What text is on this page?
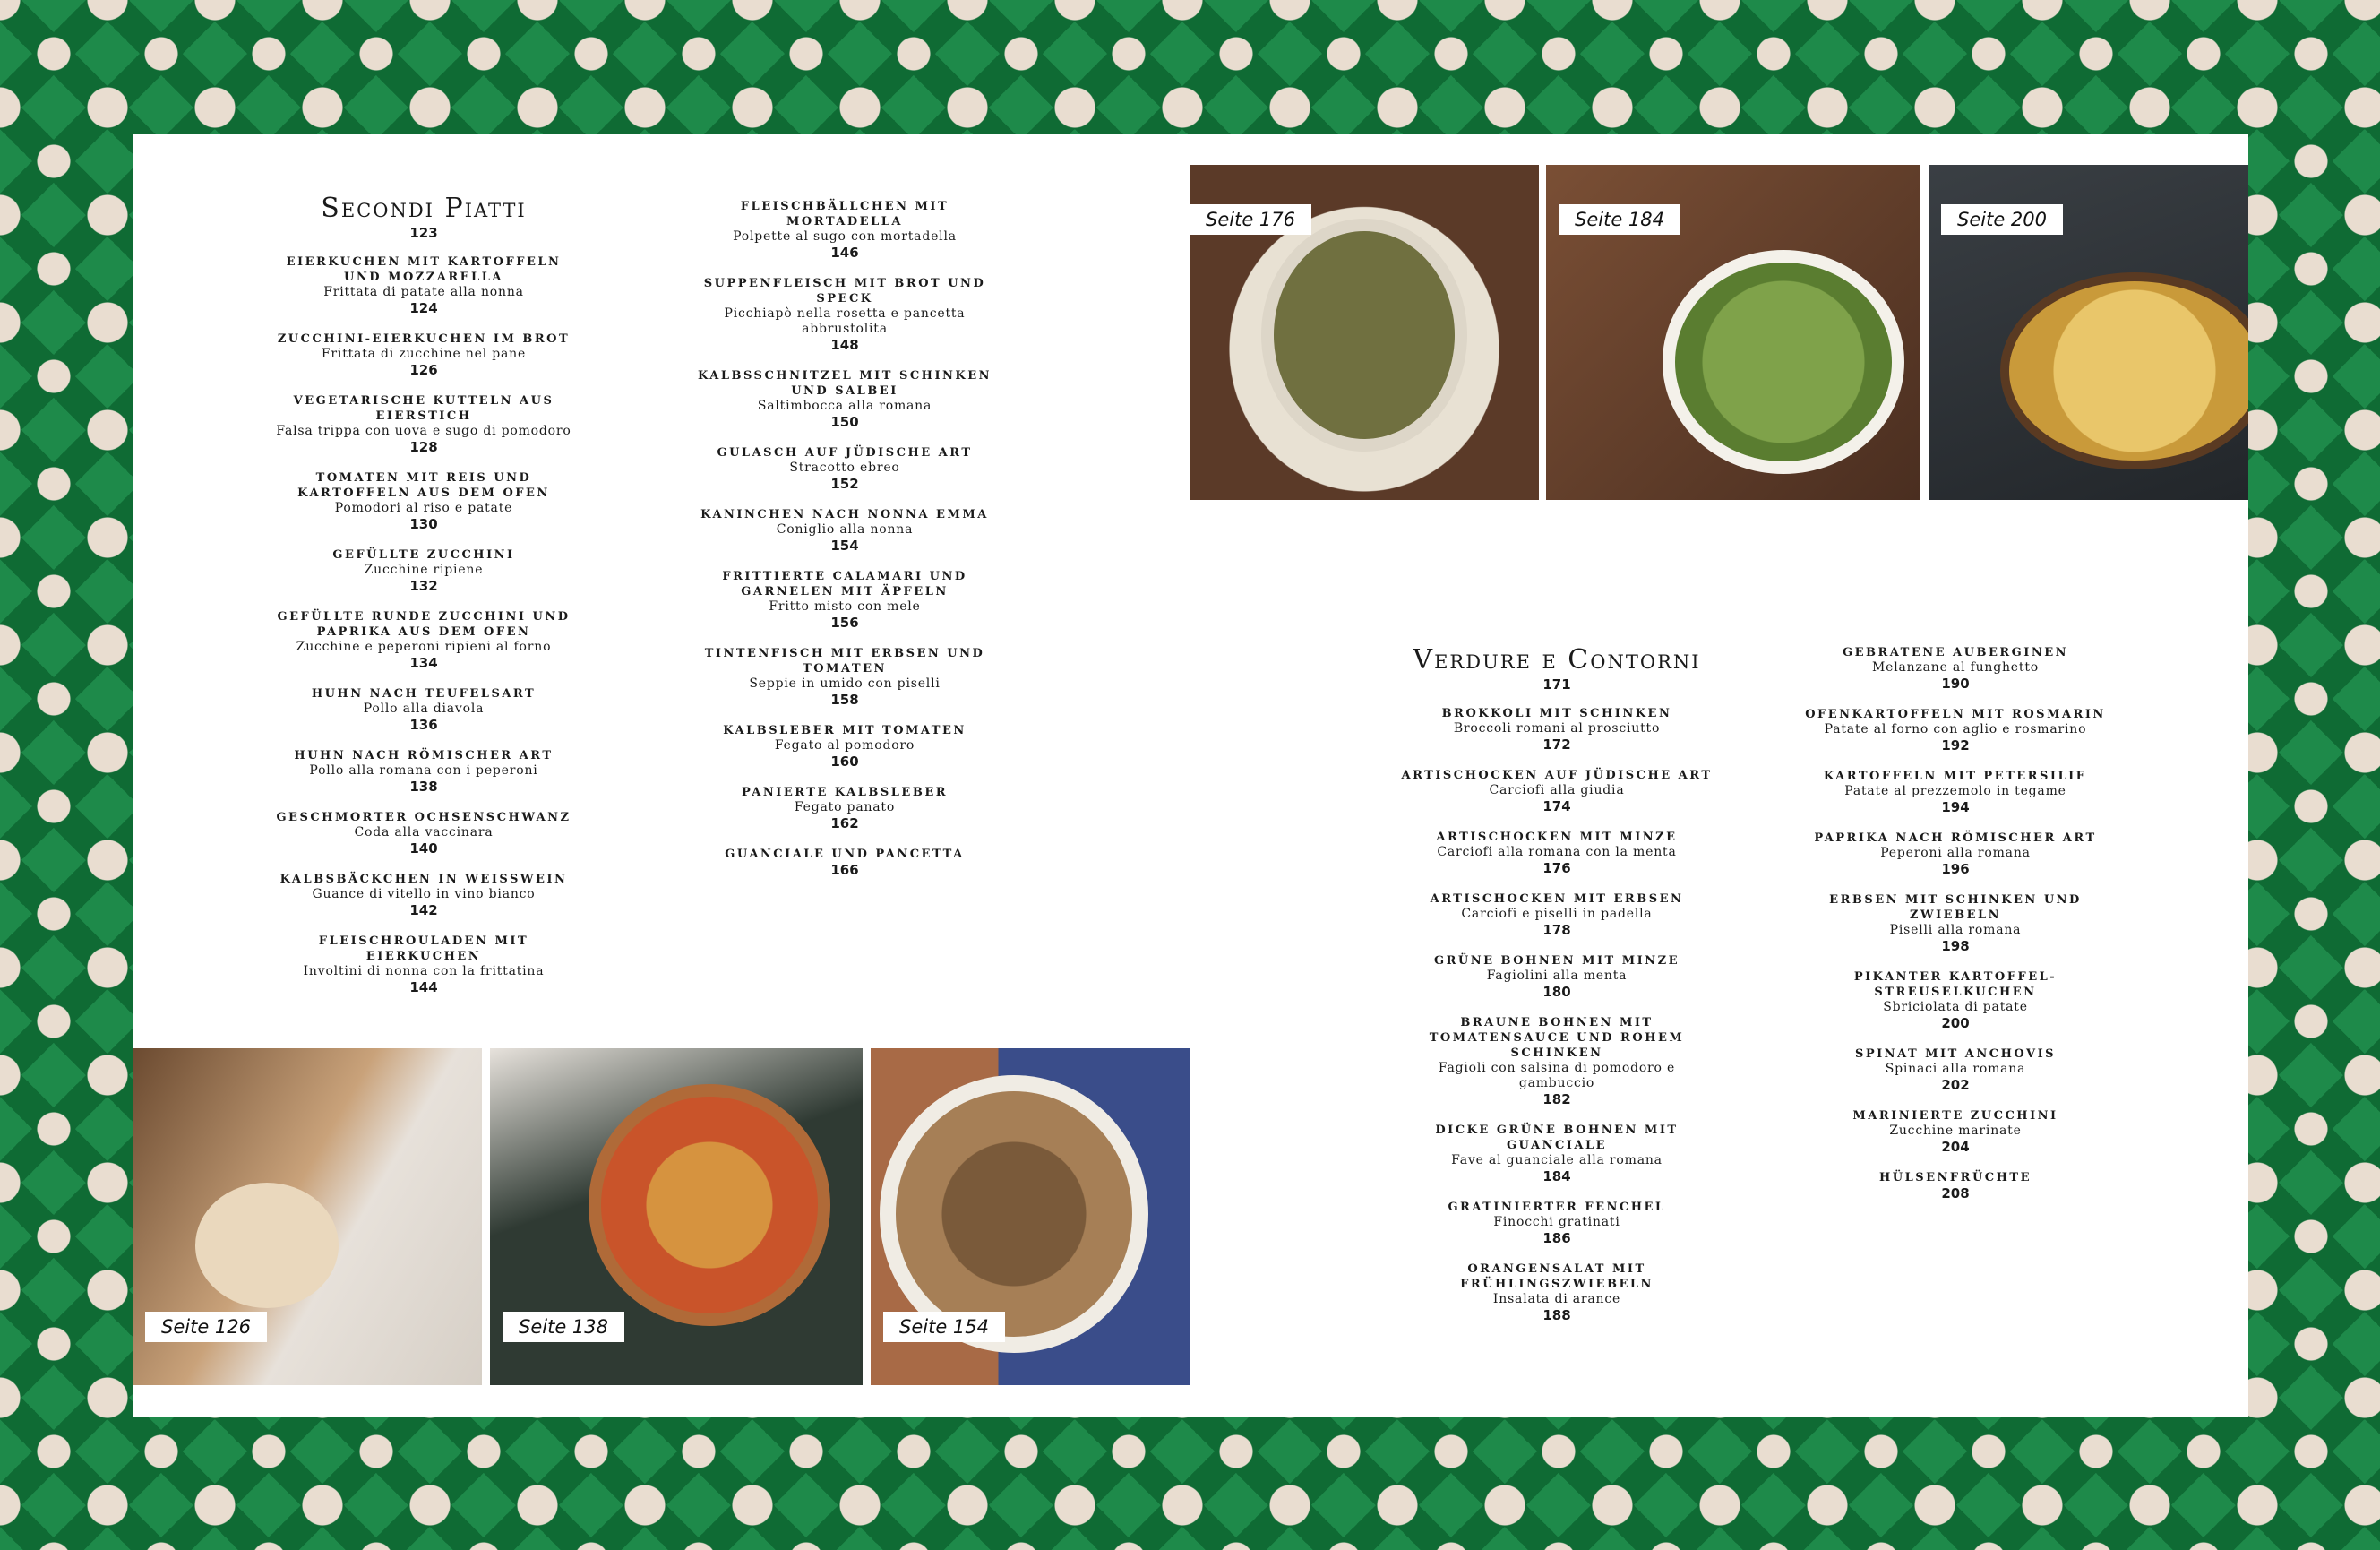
Secondi Piatti
123
EIERKUCHEN MIT KARTOFFELN UND MOZZARELLA
Frittata di patate alla nonna
124
ZUCCHINI-EIERKUCHEN IM BROT
Frittata di zucchine nel pane
126
VEGETARISCHE KUTTELN AUS EIERSTICH
Falsa trippa con uova e sugo di pomodoro
128
TOMATEN MIT REIS UND KARTOFFELN AUS DEM OFEN
Pomodori al riso e patate
130
GEFÜLLTE ZUCCHINI
Zucchine ripiene
132
GEFÜLLTE RUNDE ZUCCHINI UND PAPRIKA AUS DEM OFEN
Zucchine e peperoni ripieni al forno
134
HUHN NACH TEUFELSART
Pollo alla diavola
136
HUHN NACH RÖMISCHER ART
Pollo alla romana con i peperoni
138
GESCHMORTER OCHSENSCHWANZ
Coda alla vaccinara
140
KALBSBÄCKCHEN IN WEISSWEIN
Guance di vitello in vino bianco
142
FLEISCHROULADEN MIT EIERKUCHEN
Involtini di nonna con la frittatina
144
FLEISCHBÄLLCHEN MIT MORTADELLA
Polpette al sugo con mortadella
146
SUPPENFLEISCH MIT BROT UND SPECK
Picchiapò nella rosetta e pancetta abbrustolita
148
KALBSSCHNITZEL MIT SCHINKEN UND SALBEI
Saltimbocca alla romana
150
GULASCH AUF JÜDISCHE ART
Stracotto ebreo
152
KANINCHEN NACH NONNA EMMA
Coniglio alla nonna
154
FRITTIERTE CALAMARI UND GARNELEN MIT ÄPFELN
Fritto misto con mele
156
TINTENFISCH MIT ERBSEN UND TOMATEN
Seppie in umido con piselli
158
KALBSLEBER MIT TOMATEN
Fegato al pomodoro
160
PANIERTE KALBSLEBER
Fegato panato
162
GUANCIALE UND PANCETTA
166
Verdure e Contorni
171
BROKKOLI MIT SCHINKEN
Broccoli romani al prosciutto
172
ARTISCHOCKEN AUF JÜDISCHE ART
Carciofi alla giudia
174
ARTISCHOCKEN MIT MINZE
Carciofi alla romana con la menta
176
ARTISCHOCKEN MIT ERBSEN
Carciofi e piselli in padella
178
GRÜNE BOHNEN MIT MINZE
Fagiolini alla menta
180
BRAUNE BOHNEN MIT TOMATENSAUCE UND ROHEM SCHINKEN
Fagioli con salsina di pomodoro e gambuccio
182
DICKE GRÜNE BOHNEN MIT GUANCIALE
Fave al guanciale alla romana
184
GRATINIERTER FENCHEL
Finocchi gratinati
186
ORANGENSALAT MIT FRÜHLINGSZWIEBELN
Insalata di arance
188
GEBRATENE AUBERGINEN
Melanzane al funghetto
190
OFENKARTOFFELN MIT ROSMARIN
Patate al forno con aglio e rosmarino
192
KARTOFFELN MIT PETERSILIE
Patate al prezzemolo in tegame
194
PAPRIKA NACH RÖMISCHER ART
Peperoni alla romana
196
ERBSEN MIT SCHINKEN UND ZWIEBELN
Piselli alla romana
198
PIKANTER KARTOFFEL-STREUSELKUCHEN
Sbriciolata di patate
200
SPINAT MIT ANCHOVIS
Spinaci alla romana
202
MARINIERTE ZUCCHINI
Zucchine marinate
204
HÜLSENFRÜCHTE
208
Seite 176	Seite 184	Seite 200
Seite 126	Seite 138	Seite 154
